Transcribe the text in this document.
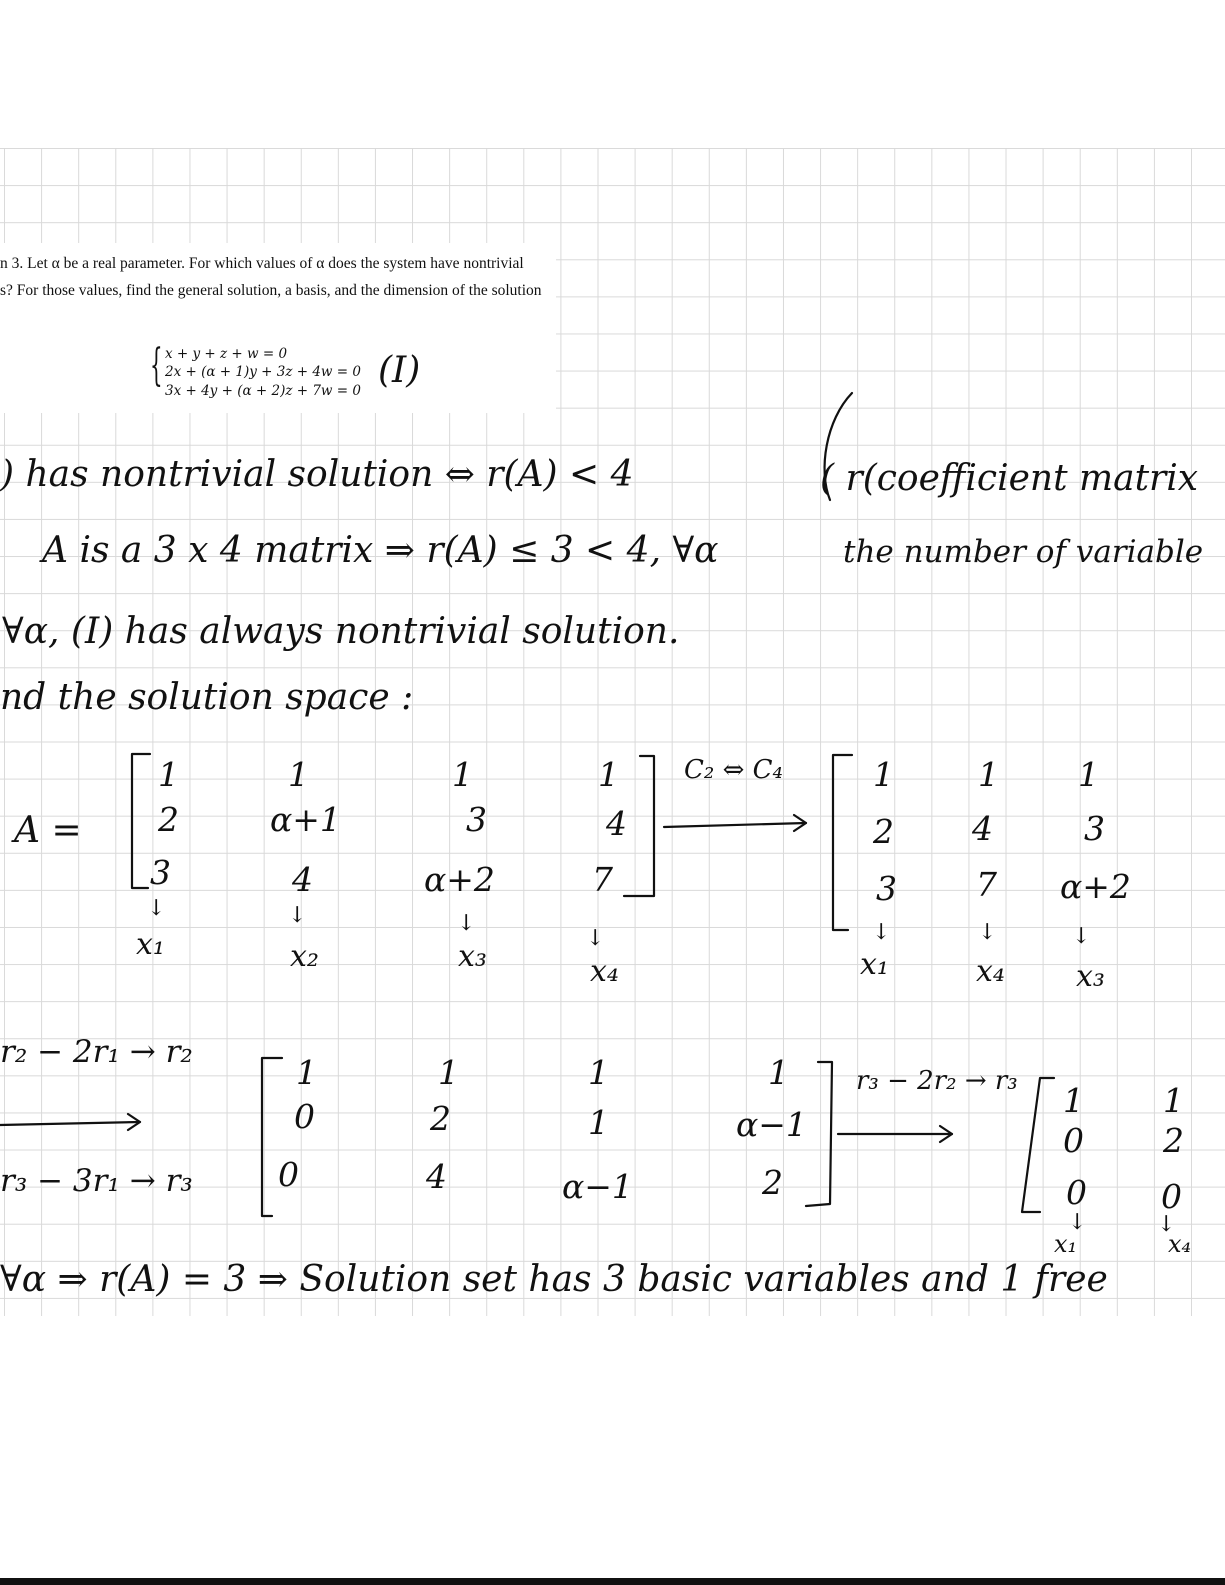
n 3. Let α be a real parameter. For which values of α does the system have nontrivial
s? For those values, find the general solution, a basis, and the dimension of the solution
{ x + y + z + w = 0
2x + (α + 1)y + 3z + 4w = 0
3x + 4y + (α + 2)z + 7w = 0 (I)
) has nontrivial solution ⇔ r(A) < 4	( r(coefficient matrix
A is a 3 x 4 matrix ⇒ r(A) ≤ 3 < 4, ∀α	the number of variable
∀α, (I) has always nontrivial solution.
nd the solution space :
A =
1	1	1	1
2	α+1	3	4
3	4	α+2	7
↓	↓	↓
↓
x₁	x₂	x₃	x₄
C₂ ⇔ C₄	1	1 1
2 4	3
3 7 α+2
↓	↓	↓
x₁	x₄ x₃
r₂ − 2r₁ → r₂
r₃ − 3r₁ → r₃
r₃ − 2r₂ → r₃
1	1	1	1
0	2	1	α−1
0	4	α−1	2
1 1
0 2
0 0
↓	↓
x₁	x₄
∀α ⇒ r(A) = 3 ⇒ Solution set has 3 basic variables and 1 free
